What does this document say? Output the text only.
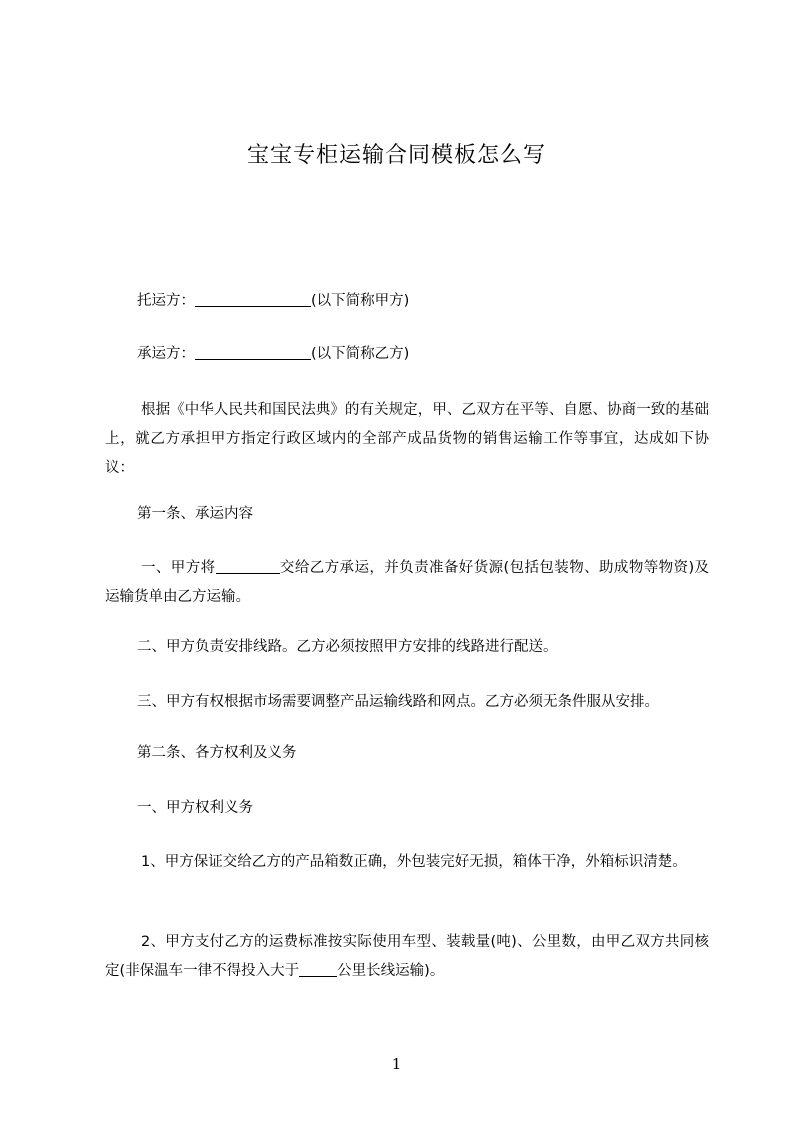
宝宝专柜运输合同模板怎么写
托运方：	(以下简称甲方)
承运方：	(以下简称乙方)
根据《中华人民共和国民法典》的有关规定，甲、乙双方在平等、自愿、协商一致的基础上，就乙方承担甲方指定行政区域内的全部产成品货物的销售运输工作等事宜，达成如下协议：
第一条、承运内容
一、甲方将	交给乙方承运，并负责准备好货源(包括包装物、助成物等物资)及运输货单由乙方运输。
二、甲方负责安排线路。乙方必须按照甲方安排的线路进行配送。
三、甲方有权根据市场需要调整产品运输线路和网点。乙方必须无条件服从安排。
第二条、各方权利及义务
一、甲方权利义务
1、甲方保证交给乙方的产品箱数正确，外包装完好无损，箱体干净，外箱标识清楚。
2、甲方支付乙方的运费标准按实际使用车型、装载量(吨)、公里数，由甲乙双方共同核定(非保温车一律不得投入大于	公里长线运输)。
1
